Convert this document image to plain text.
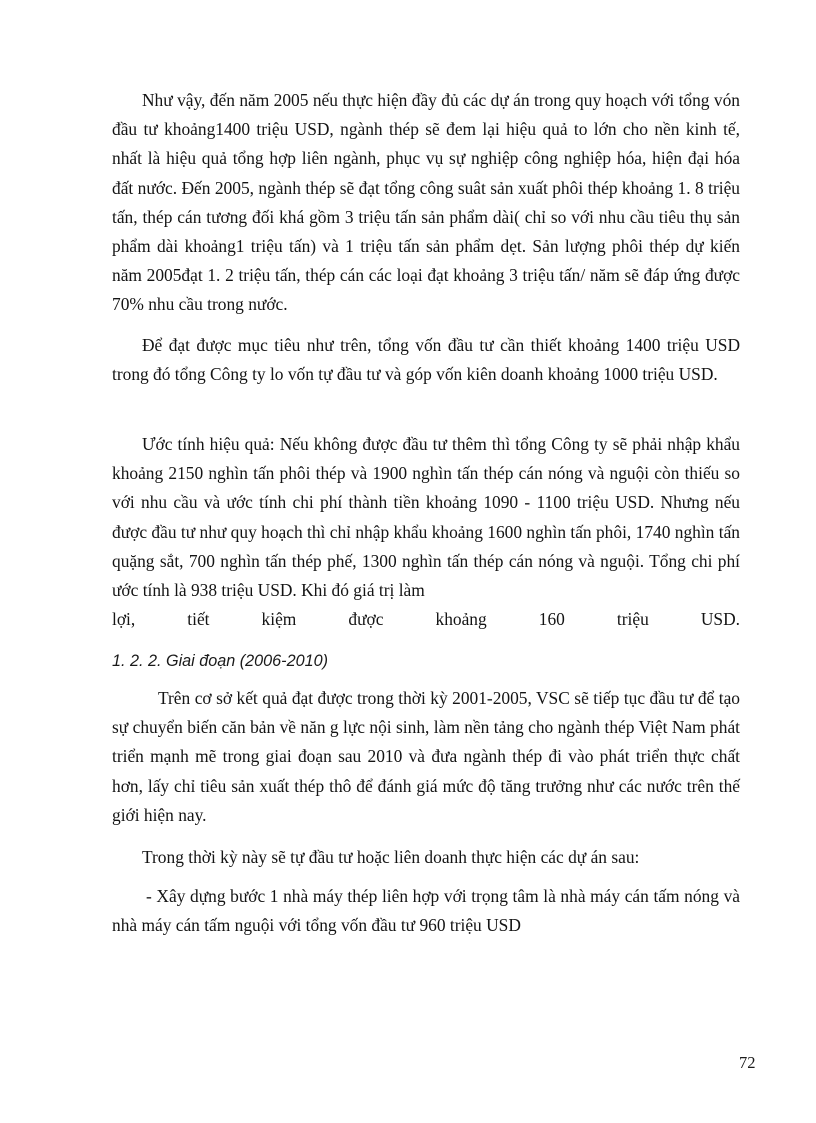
Như vậy, đến năm 2005 nếu thực hiện đầy đủ các dự án trong quy hoạch với tổng vón đầu tư khoảng1400 triệu USD, ngành thép sẽ đem lại hiệu quả to lớn cho nền kinh tế, nhất là hiệu quả tổng hợp liên ngành, phục vụ sự nghiệp công nghiệp hóa, hiện đại hóa đất nước. Đến 2005, ngành thép sẽ đạt tổng công suât sản xuất phôi thép khoảng 1. 8 triệu tấn, thép cán tương đối khá gồm 3 triệu tấn sản phẩm dài( chỉ so với nhu cầu tiêu thụ sản phẩm dài khoảng1 triệu tấn) và 1 triệu tấn sản phẩm dẹt. Sản lượng phôi thép dự kiến năm 2005đạt 1. 2 triệu tấn, thép cán các loại đạt khoảng 3 triệu tấn/ năm sẽ đáp ứng được 70% nhu cầu trong nước.

Để đạt được mục tiêu như trên, tổng vốn đầu tư cần thiết khoảng 1400 triệu USD trong đó tổng Công ty lo vốn tự đầu tư và góp vốn kiên doanh khoảng 1000 triệu USD.

Ước tính hiệu quả: Nếu không được đầu tư thêm thì tổng Công ty sẽ phải nhập khẩu khoảng 2150 nghìn tấn phôi thép và 1900 nghìn tấn thép cán nóng và nguội còn thiếu so với nhu cầu và ước tính chi phí thành tiền khoảng 1090 - 1100 triệu USD. Nhưng nếu được đầu tư như quy hoạch thì chỉ nhập khẩu khoảng 1600 nghìn tấn phôi, 1740 nghìn tấn quặng sắt, 700 nghìn tấn thép phế, 1300 nghìn tấn thép cán nóng và nguội. Tổng chi phí ước tính là 938 triệu USD. Khi đó giá trị làm

lợi, tiết kiệm được khoảng 160 triệu USD.

1. 2. 2. Giai đoạn (2006-2010)

Trên cơ sở kết quả đạt được trong thời kỳ 2001-2005, VSC sẽ tiếp tục đầu tư để tạo sự chuyển biến căn bản về năn g lực nội sinh, làm nền tảng cho ngành thép Việt Nam phát triển mạnh mẽ trong giai đoạn sau 2010 và đưa ngành thép đi vào phát triển thực chất hơn, lấy chỉ tiêu sản xuất thép thô để đánh giá mức độ tăng trưởng như các nước trên thế giới hiện nay.

Trong thời kỳ này sẽ tự đầu tư hoặc liên doanh thực hiện các dự án sau:

- Xây dựng bước 1 nhà máy thép liên hợp với trọng tâm là nhà máy cán tấm nóng và nhà máy cán tấm nguội với tổng vốn đầu tư 960 triệu USD

72
